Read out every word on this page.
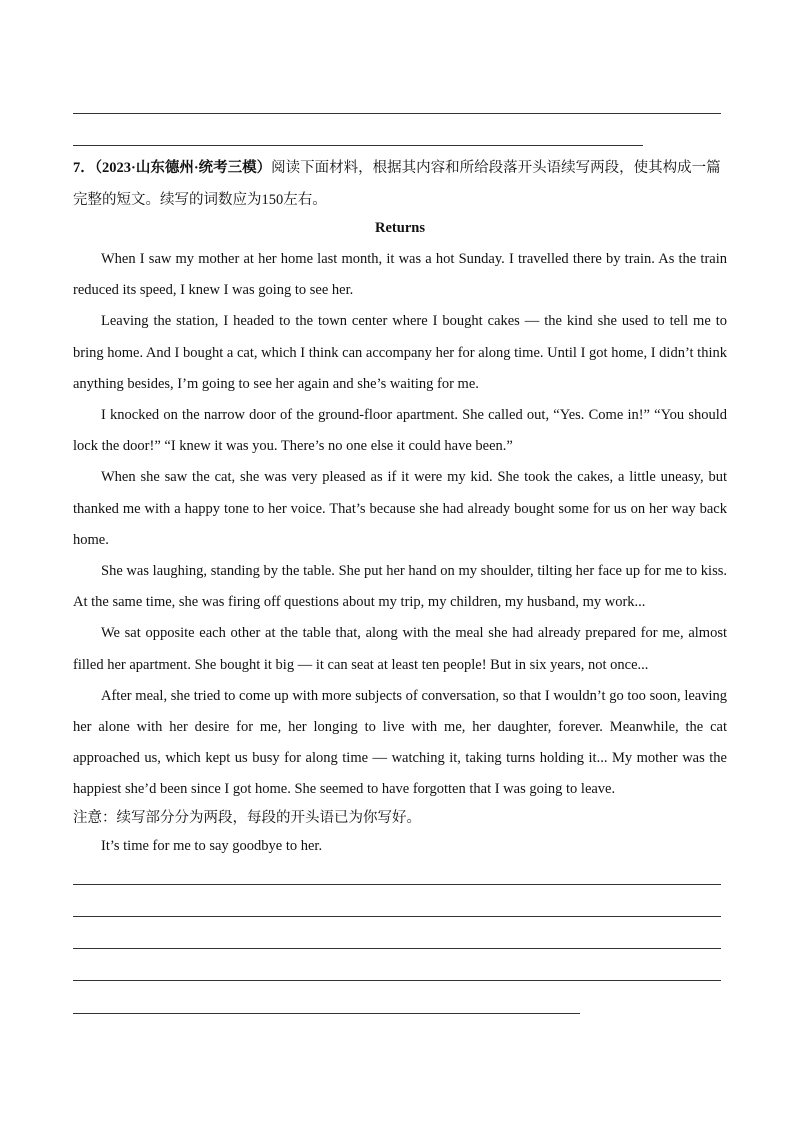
7．（2023·山东德州·统考三模）阅读下面材料，根据其内容和所给段落开头语续写两段，使其构成一篇完整的短文。续写的词数应为150左右。
Returns

When I saw my mother at her home last month, it was a hot Sunday. I travelled there by train. As the train reduced its speed, I knew I was going to see her.

Leaving the station, I headed to the town center where I bought cakes — the kind she used to tell me to bring home. And I bought a cat, which I think can accompany her for along time. Until I got home, I didn’t think anything besides, I’m going to see her again and she’s waiting for me.

I knocked on the narrow door of the ground-floor apartment. She called out, “Yes. Come in!” “You should lock the door!” “I knew it was you. There’s no one else it could have been.”

When she saw the cat, she was very pleased as if it were my kid. She took the cakes, a little uneasy, but thanked me with a happy tone to her voice. That’s because she had already bought some for us on her way back home.

She was laughing, standing by the table. She put her hand on my shoulder, tilting her face up for me to kiss. At the same time, she was firing off questions about my trip, my children, my husband, my work...

We sat opposite each other at the table that, along with the meal she had already prepared for me, almost filled her apartment. She bought it big — it can seat at least ten people! But in six years, not once...

After meal, she tried to come up with more subjects of conversation, so that I wouldn’t go too soon, leaving her alone with her desire for me, her longing to live with me, her daughter, forever. Meanwhile, the cat approached us, which kept us busy for along time — watching it, taking turns holding it... My mother was the happiest she’d been since I got home. She seemed to have forgotten that I was going to leave.

注意：续写部分分为两段，每段的开头语已为你写好。
It’s time for me to say goodbye to her.
